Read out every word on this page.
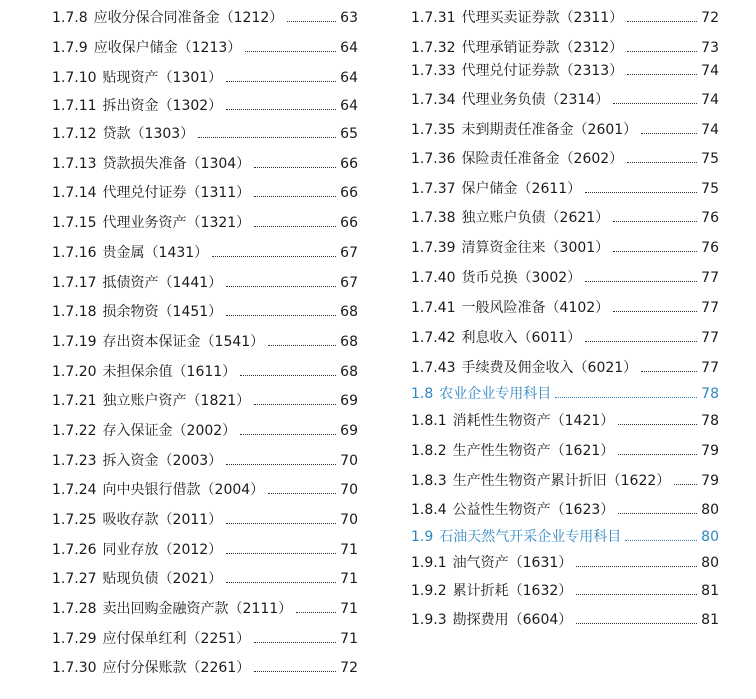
1.7.8 应收分保合同准备金（1212）	63
1.7.9 应收保户储金（1213）	64
1.7.10 贴现资产（1301）	64
1.7.11 拆出资金（1302）	64
1.7.12 贷款（1303）	65
1.7.13 贷款损失准备（1304）	66
1.7.14 代理兑付证券（1311）	66
1.7.15 代理业务资产（1321）	66
1.7.16 贵金属（1431）	67
1.7.17 抵债资产（1441）	67
1.7.18 损余物资（1451）	68
1.7.19 存出资本保证金（1541）	68
1.7.20 未担保余值（1611）	68
1.7.21 独立账户资产（1821）	69
1.7.22 存入保证金（2002）	69
1.7.23 拆入资金（2003）	70
1.7.24 向中央银行借款（2004）	70
1.7.25 吸收存款（2011）	70
1.7.26 同业存放（2012）	71
1.7.27 贴现负债（2021）	71
1.7.28 卖出回购金融资产款（2111）	71
1.7.29 应付保单红利（2251）	71
1.7.30 应付分保账款（2261）	72
1.7.31 代理买卖证券款（2311）	72
1.7.32 代理承销证券款（2312）	73
1.7.33 代理兑付证券款（2313）	74
1.7.34 代理业务负债（2314）	74
1.7.35 未到期责任准备金（2601）	74
1.7.36 保险责任准备金（2602）	75
1.7.37 保户储金（2611）	75
1.7.38 独立账户负债（2621）	76
1.7.39 清算资金往来（3001）	76
1.7.40 货币兑换（3002）	77
1.7.41 一般风险准备（4102）	77
1.7.42 利息收入（6011）	77
1.7.43 手续费及佣金收入（6021）	77
1.8 农业企业专用科目	78
1.8.1 消耗性生物资产（1421）	78
1.8.2 生产性生物资产（1621）	79
1.8.3 生产性生物资产累计折旧（1622） 79
1.8.4 公益性生物资产（1623）	80
1.9 石油天然气开采企业专用科目	80
1.9.1 油气资产（1631）	80
1.9.2 累计折耗（1632）	81
1.9.3 勘探费用（6604）	81
